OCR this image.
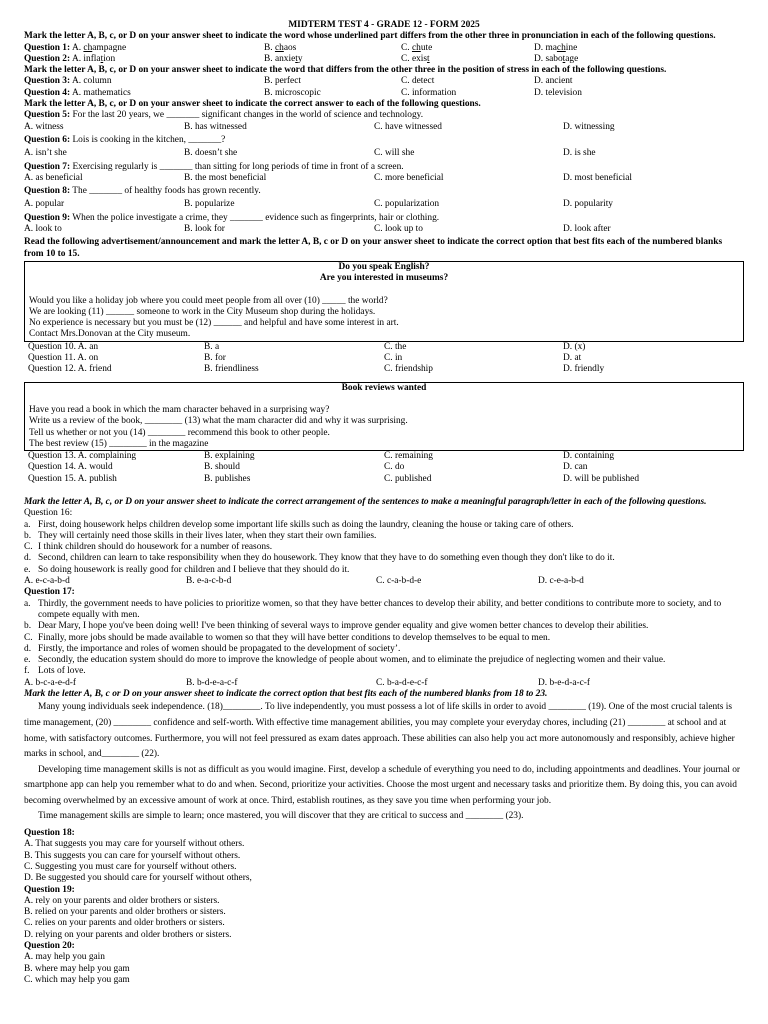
MIDTERM TEST 4 - GRADE 12 - FORM 2025
Mark the letter A, B, c, or D on your answer sheet to indicate the word whose underlined part differs from the other three in pronunciation in each of the following questions.
Question 1: A. champagne	B. chaos	C. chute	D. machine
Question 2: A. inflation	B. anxiety	C. exist	D. sabotage
Mark the letter A, B, c, or D on your answer sheet to indicate the word that differs from the other three in the position of stress in each of the following questions.
Question 3: A. column	B. perfect	C. detect	D. ancient
Question 4: A. mathematics	B. microscopic	C. information	D. television
Mark the letter A, B, c, or D on your answer sheet to indicate the correct answer to each of the following questions.
Question 5: For the last 20 years, we _______ significant changes in the world of science and technology.
A. witness	B. has witnessed	C. have witnessed	D. witnessing
Question 6: Lois is cooking in the kitchen, _______?
A. isn’t she	B. doesn’t she	C. will she	D. is she
Question 7: Exercising regularly is _______ than sitting for long periods of time in front of a screen.
A. as beneficial	B. the most beneficial	C. more beneficial	D. most beneficial
Question 8: The _______ of healthy foods has grown recently.
A. popular	B. popularize	C. popularization	D. popularity
Question 9: When the police investigate a crime, they _______ evidence such as fingerprints, hair or clothing.
A. look to	B. look for	C. look up to	D. look after
Read the following advertisement/announcement and mark the letter A, B, c or D on your answer sheet to indicate the correct option that best fits each of the numbered blanks from 10 to 15.
Do you speak English?
Are you interested in museums?
Would you like a holiday job where you could meet people from all over (10) _____ the world?
We are looking (11) ______ someone to work in the City Museum shop during the holidays.
No experience is necessary but you must be (12) ______ and helpful and have some interest in art.
Contact Mrs.Donovan at the City museum.
Question 10. A. an	B. a	C. the	D. (x)
Question 11. A. on	B. for	C. in	D. at
Question 12. A. friend	B. friendliness	C. friendship	D. friendly
Book reviews wanted
Have you read a book in which the mam character behaved in a surprising way?
Write us a review of the book, ________ (13) what the mam character did and why it was surprising.
Tell us whether or not you (14) ________ recommend this book to other people.
The best review (15) ________ in the magazine
Question 13. A. complaining	B. explaining	C. remaining	D. containing
Question 14. A. would	B. should	C. do	D. can
Question 15. A. publish	B. publishes	C. published	D. will be published
Mark the letter A, B, c, or D on your answer sheet to indicate the correct arrangement of the sentences to make a meaningful paragraph/letter in each of the following questions.
Question 16:
a. First, doing housework helps children develop some important life skills such as doing the laundry, cleaning the house or taking care of others.
b. They will certainly need those skills in their lives later, when they start their own families.
C. I think children should do housework for a number of reasons.
d. Second, children can learn to take responsibility when they do housework. They know that they have to do something even though they don't like to do it.
e. So doing housework is really good for children and I believe that they should do it.
A. e-c-a-b-d	B. e-a-c-b-d	C. c-a-b-d-e	D. c-e-a-b-d
Question 17:
a. Thirdly, the government needs to have policies to prioritize women, so that they have better chances to develop their ability, and better conditions to contribute more to society, and to compete equally with men.
b. Dear Mary, I hope you've been doing well! I've been thinking of several ways to improve gender equality and give women better chances to develop their abilities.
C. Finally, more jobs should be made available to women so that they will have better conditions to develop themselves to be equal to men.
d. Firstly, the importance and roles of women should be propagated to the development of society’.
e. Secondly, the education system should do more to improve the knowledge of people about women, and to eliminate the prejudice of neglecting women and their value.
f. Lots of love.
A. b-c-a-e-d-f	B. b-d-e-a-c-f	C. b-a-d-e-c-f	D. b-e-d-a-c-f
Mark the letter A, B, c or D on your answer sheet to indicate the correct option that best fits each of the numbered blanks from 18 to 23.

Many young individuals seek independence. (18)________. To live independently, you must possess a lot of life skills in order to avoid ________ (19). One of the most crucial talents is time management, (20) ________ confidence and self-worth. With effective time management abilities, you may complete your everyday chores, including (21) ________ at school and at home, with satisfactory outcomes. Furthermore, you will not feel pressured as exam dates approach. These abilities can also help you act more autonomously and responsibly, achieve higher marks in school, and________ (22).

Developing time management skills is not as difficult as you would imagine. First, develop a schedule of everything you need to do, including appointments and deadlines. Your journal or smartphone app can help you remember what to do and when. Second, prioritize your activities. Choose the most urgent and necessary tasks and prioritize them. By doing this, you can avoid becoming overwhelmed by an excessive amount of work at once. Third, establish routines, as they save you time when performing your job.

Time management skills are simple to learn; once mastered, you will discover that they are critical to success and ________ (23).

Question 18:
A. That suggests you may care for yourself without others.
B. This suggests you can care for yourself without others.
C. Suggesting you must care for yourself without others.
D. Be suggested you should care for yourself without others,
Question 19:
A. rely on your parents and older brothers or sisters.
B. relied on your parents and older brothers or sisters.
C. relies on your parents and older brothers or sisters.
D. relying on your parents and older brothers or sisters.
Question 20:
A. may help you gain
B. where may help you gam
C. which may help you gam
